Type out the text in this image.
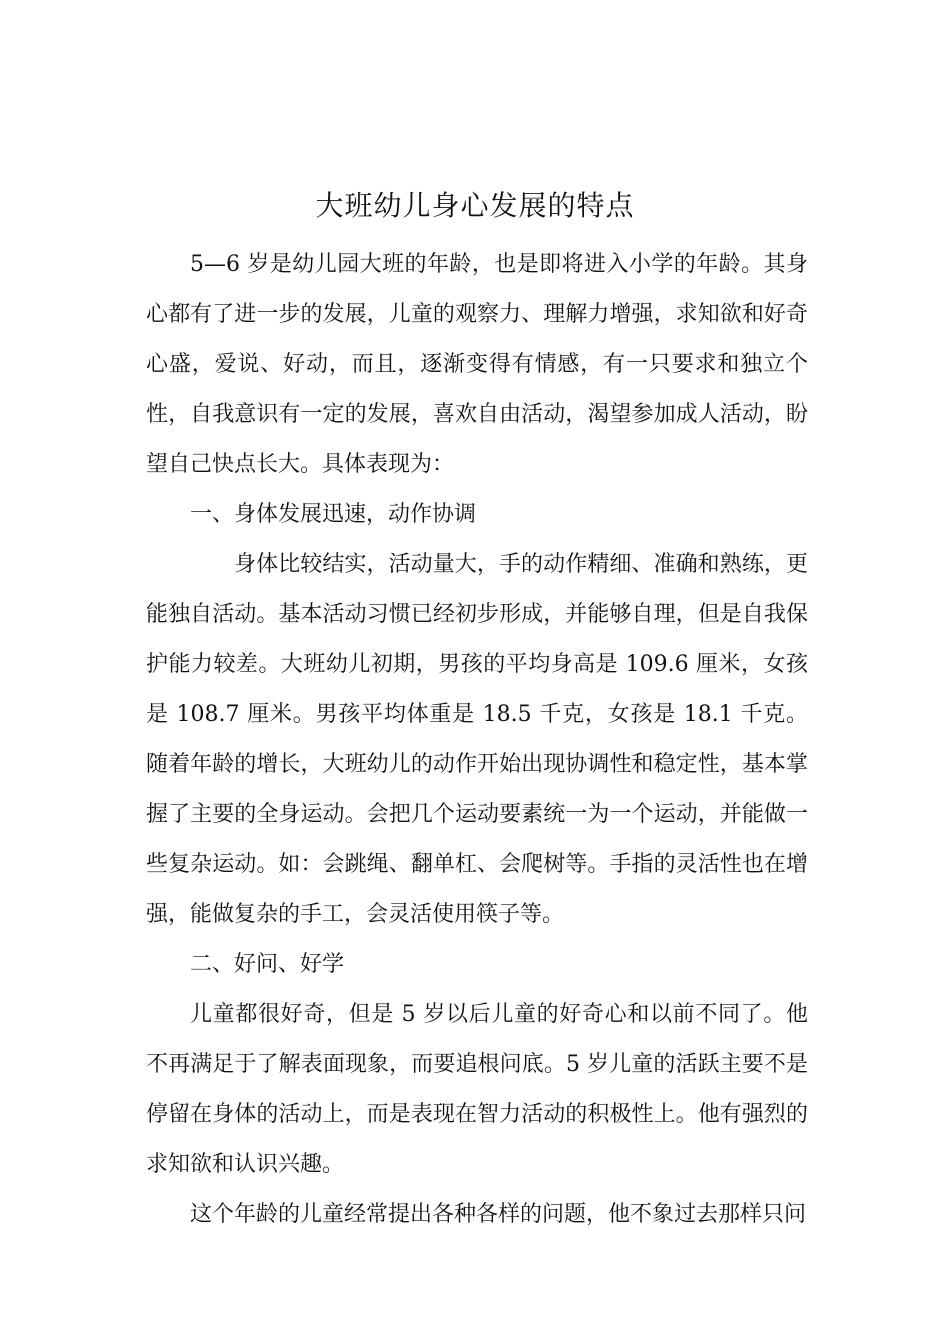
大班幼儿身心发展的特点

5—6 岁是幼儿园大班的年龄，也是即将进入小学的年龄。其身心都有了进一步的发展，儿童的观察力、理解力增强，求知欲和好奇心盛，爱说、好动，而且，逐渐变得有情感，有一只要求和独立个性，自我意识有一定的发展，喜欢自由活动，渴望参加成人活动，盼望自己快点长大。具体表现为：

一、身体发展迅速，动作协调

身体比较结实，活动量大，手的动作精细、准确和熟练，更能独自活动。基本活动习惯已经初步形成，并能够自理，但是自我保护能力较差。大班幼儿初期，男孩的平均身高是 109.6 厘米，女孩是 108.7 厘米。男孩平均体重是 18.5 千克，女孩是 18.1 千克。随着年龄的增长，大班幼儿的动作开始出现协调性和稳定性，基本掌握了主要的全身运动。会把几个运动要素统一为一个运动，并能做一些复杂运动。如：会跳绳、翻单杠、会爬树等。手指的灵活性也在增强，能做复杂的手工，会灵活使用筷子等。

二、好问、好学

儿童都很好奇，但是 5 岁以后儿童的好奇心和以前不同了。他不再满足于了解表面现象，而要追根问底。5 岁儿童的活跃主要不是停留在身体的活动上，而是表现在智力活动的积极性上。他有强烈的求知欲和认识兴趣。

这个年龄的儿童经常提出各种各样的问题，他不象过去那样只问
